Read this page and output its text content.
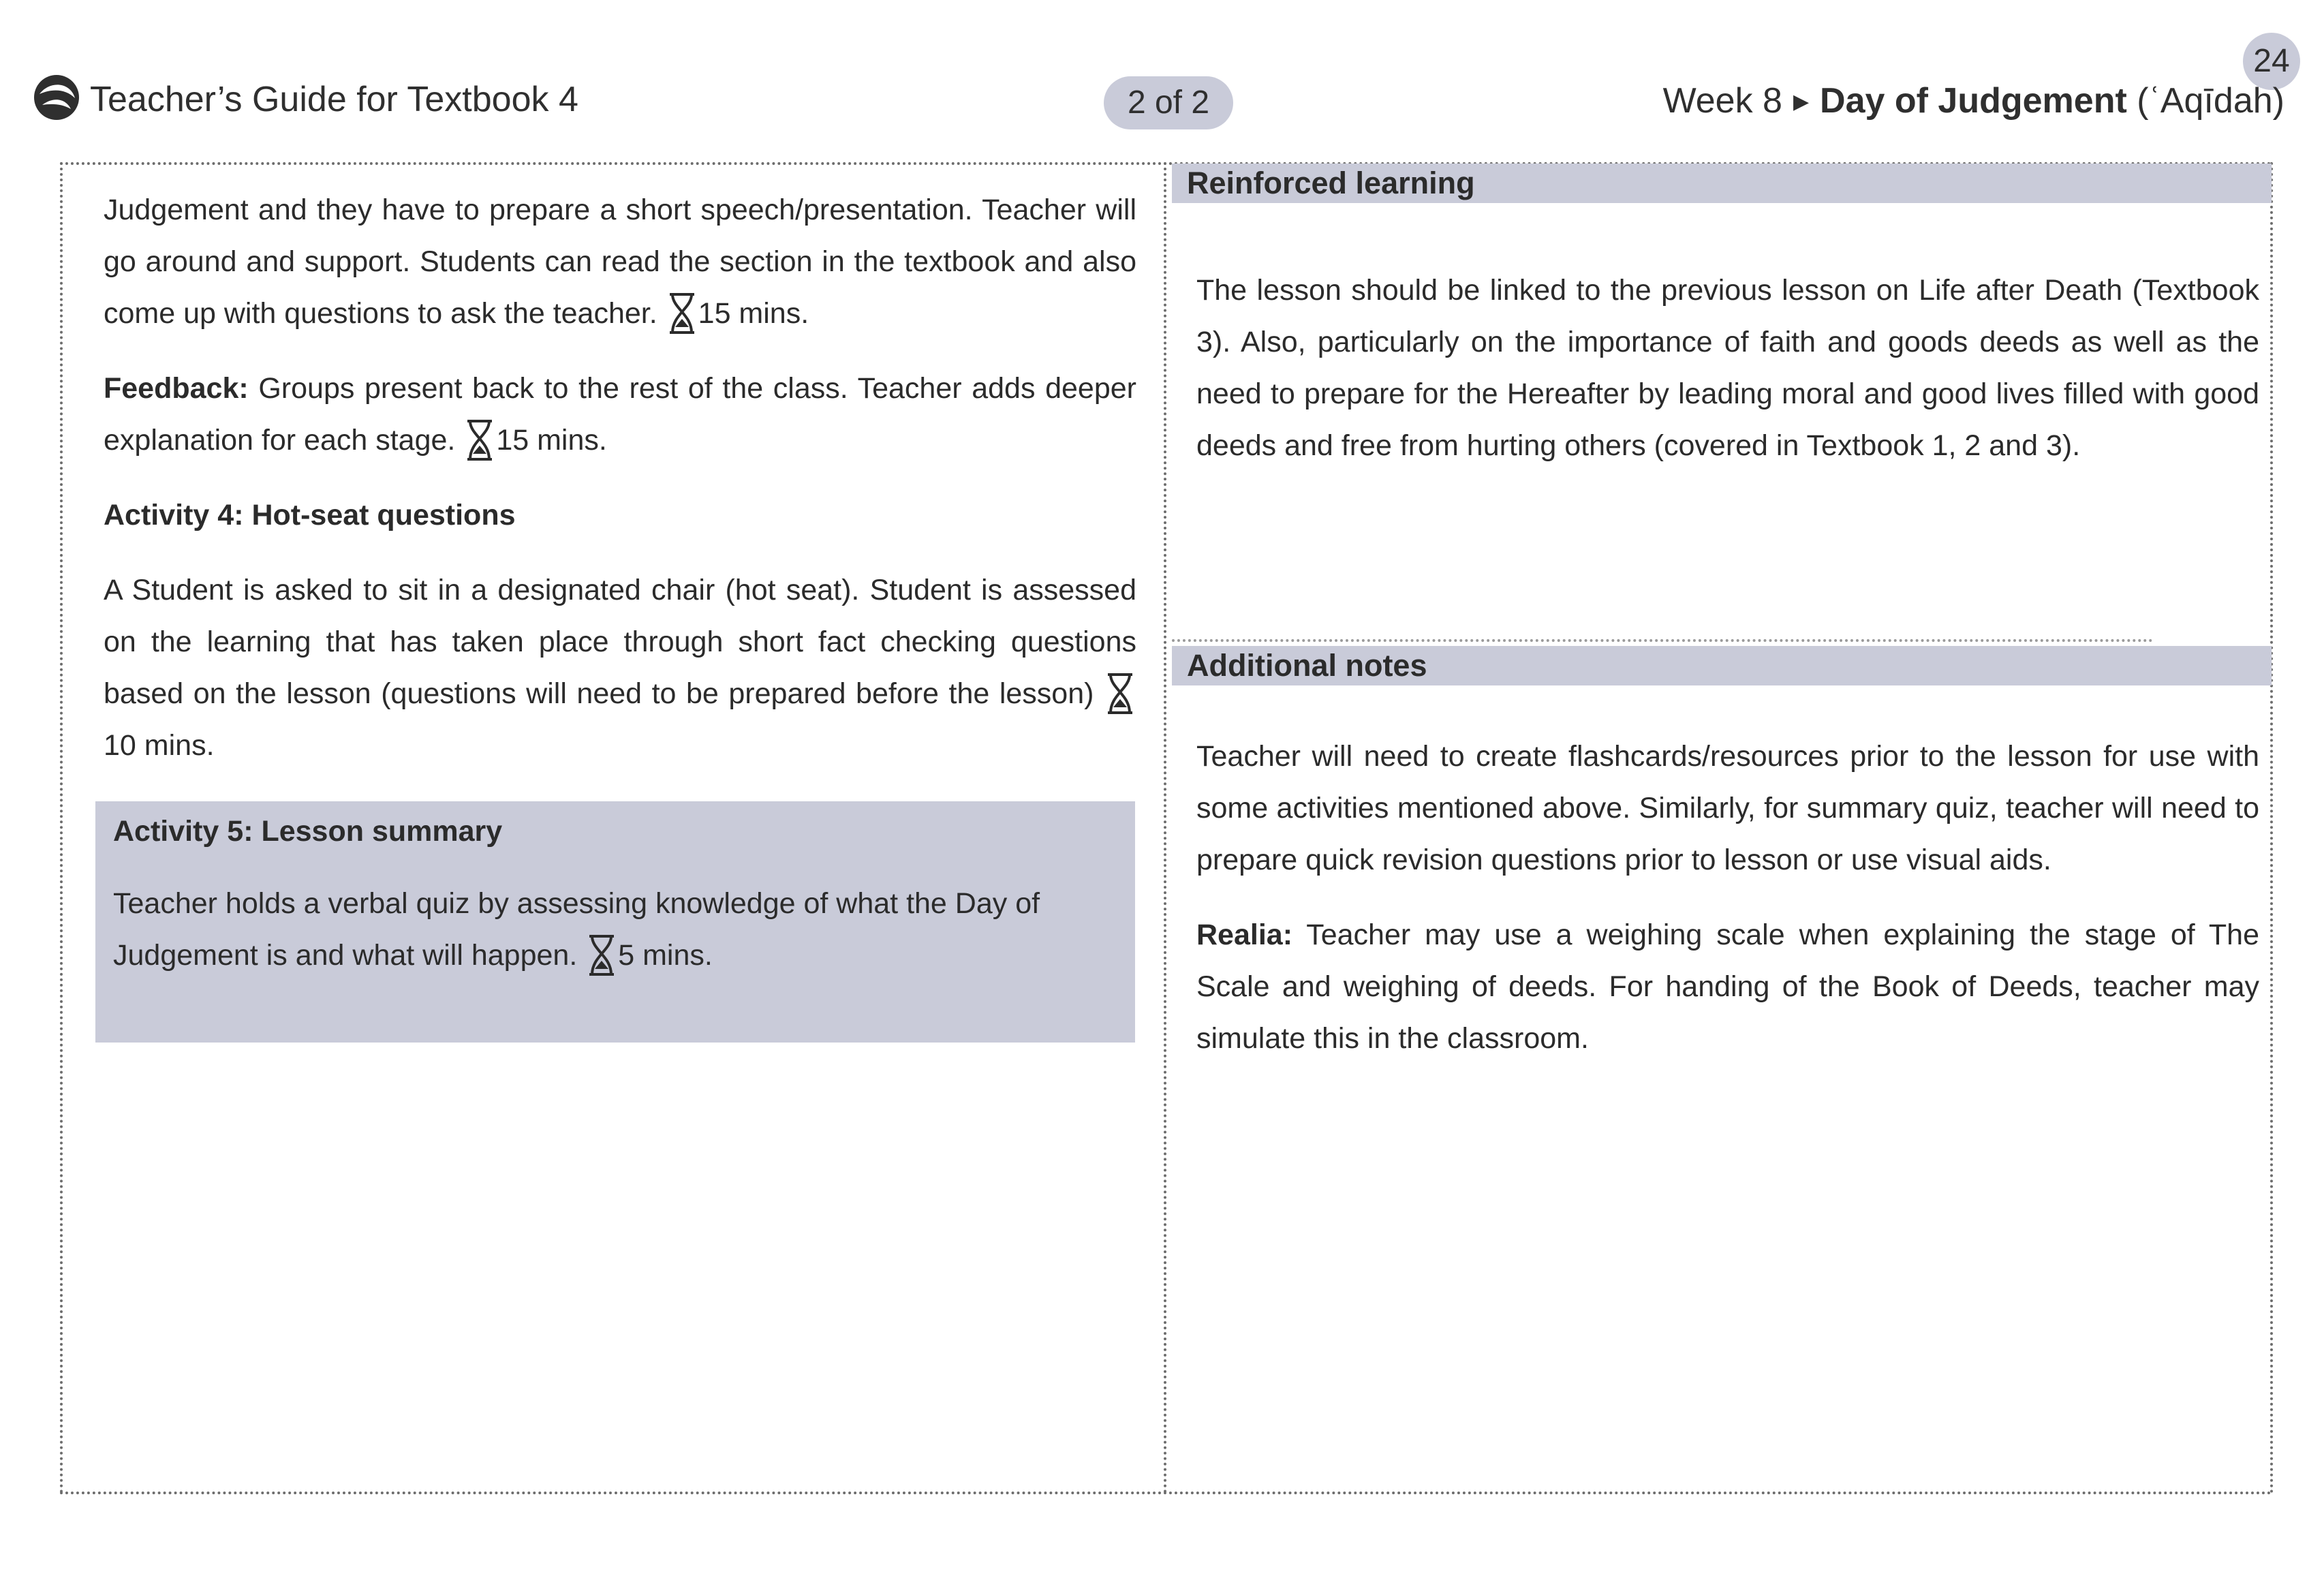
Teacher’s Guide for Textbook 4	2 of 2
24
Week 8 ▶ Day of Judgement (ʿAqīdah)

Judgement and they have to prepare a short speech/presentation. Teacher will go around and support. Students can read the section in the textbook and also come up with questions to ask the teacher. 15 mins.

Feedback: Groups present back to the rest of the class. Teacher adds deeper explanation for each stage. 15 mins.

Activity 4: Hot-seat questions

A Student is asked to sit in a designated chair (hot seat). Student is assessed on the learning that has taken place through short fact checking questions based on the lesson (questions will need to be prepared before the lesson)
10 mins.

Activity 5: Lesson summary
Teacher holds a verbal quiz by assessing knowledge of what the Day of Judgement is and what will happen. 5 mins.
Reinforced learning
The lesson should be linked to the previous lesson on Life after Death (Textbook 3). Also, particularly on the importance of faith and goods deeds as well as the need to prepare for the Hereafter by leading moral and good lives filled with good deeds and free from hurting others (covered in Textbook 1, 2 and 3).
Additional notes

Teacher will need to create flashcards/resources prior to the lesson for use with some activities mentioned above. Similarly, for summary quiz, teacher will need to prepare quick revision questions prior to lesson or use visual aids.

Realia: Teacher may use a weighing scale when explaining the stage of The Scale and weighing of deeds. For handing of the Book of Deeds, teacher may simulate this in the classroom.
